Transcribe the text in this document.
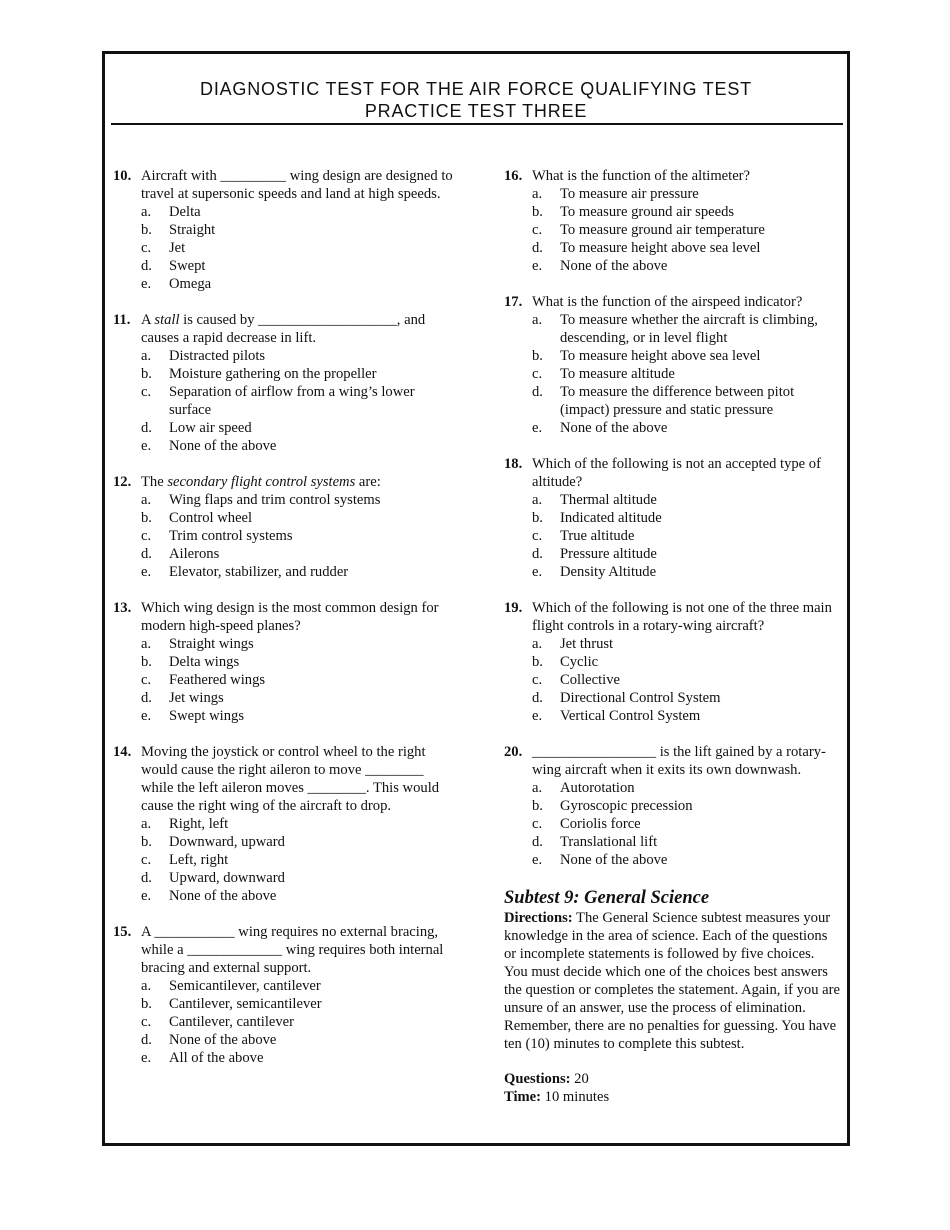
DIAGNOSTIC TEST FOR THE AIR FORCE QUALIFYING TEST
PRACTICE TEST THREE
10. Aircraft with _________ wing design are designed to travel at supersonic speeds and land at high speeds.
a.	Delta
b.	Straight
c.	Jet
d.	Swept
e.	Omega
11. A stall is caused by ___________________, and causes a rapid decrease in lift.
a.	Distracted pilots
b.	Moisture gathering on the propeller
c.	Separation of airflow from a wing’s lower surface
d.	Low air speed
e.	None of the above
12. The secondary flight control systems are:
a.	Wing flaps and trim control systems
b.	Control wheel
c.	Trim control systems
d.	Ailerons
e.	Elevator, stabilizer, and rudder
13. Which wing design is the most common design for modern high-speed planes?
a.	Straight wings
b.	Delta wings
c.	Feathered wings
d.	Jet wings
e.	Swept wings
14. Moving the joystick or control wheel to the right would cause the right aileron to move ________ while the left aileron moves ________. This would cause the right wing of the aircraft to drop.
a.	Right, left
b.	Downward, upward
c.	Left, right
d.	Upward, downward
e.	None of the above
15. A ___________ wing requires no external bracing, while a _____________ wing requires both internal bracing and external support.
a.	Semicantilever, cantilever
b.	Cantilever, semicantilever
c.	Cantilever, cantilever
d.	None of the above
e.	All of the above
16. What is the function of the altimeter?
a.	To measure air pressure
b.	To measure ground air speeds
c.	To measure ground air temperature
d.	To measure height above sea level
e.	None of the above
17. What is the function of the airspeed indicator?
a.	To measure whether the aircraft is climbing, descending, or in level flight
b.	To measure height above sea level
c.	To measure altitude
d.	To measure the difference between pitot (impact) pressure and static pressure
e.	None of the above
18. Which of the following is not an accepted type of altitude?
a.	Thermal altitude
b.	Indicated altitude
c.	True altitude
d.	Pressure altitude
e.	Density Altitude
19. Which of the following is not one of the three main flight controls in a rotary-wing aircraft?
a.	Jet thrust
b.	Cyclic
c.	Collective
d.	Directional Control System
e.	Vertical Control System
20. _________________ is the lift gained by a rotary-wing aircraft when it exits its own downwash.
a.	Autorotation
b.	Gyroscopic precession
c.	Coriolis force
d.	Translational lift
e.	None of the above
Subtest 9: General Science
Directions: The General Science subtest measures your knowledge in the area of science. Each of the questions or incomplete statements is followed by five choices. You must decide which one of the choices best answers the question or completes the statement. Again, if you are unsure of an answer, use the process of elimination. Remember, there are no penalties for guessing. You have ten (10) minutes to complete this subtest.
Questions: 20
Time: 10 minutes
